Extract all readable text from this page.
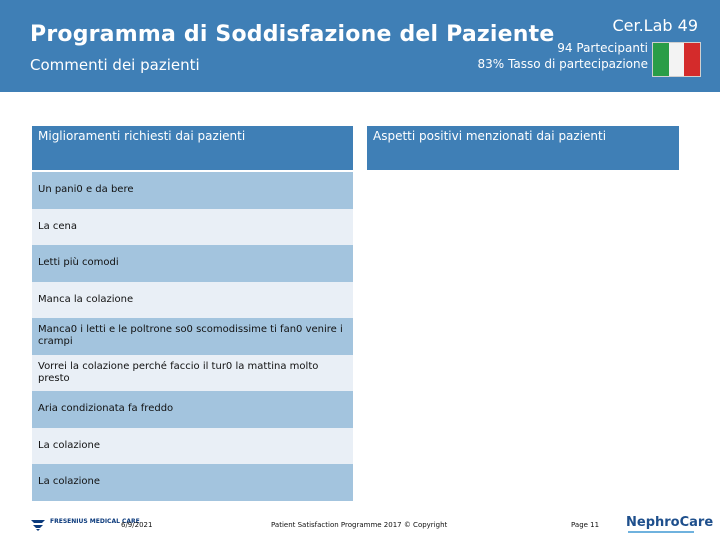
Programma di Soddisfazione del Paziente
Commenti dei pazienti
Cer.Lab 49
94 Partecipanti
83% Tasso di partecipazione
Miglioramenti richiesti dai pazienti	Aspetti positivi menzionati dai pazienti
Un pani0 e da bere
La cena
Letti più comodi
Manca la colazione
Manca0 i letti e le poltrone so0 scomodissime ti fan0 venire i crampi
Vorrei la colazione perché faccio il tur0 la mattina molto presto
Aria condizionata fa freddo
La colazione
La colazione
FRESENIUS MEDICAL CARE
6/9/2021	Patient Satisfaction Programme 2017 © Copyright	Page 11 NephroCare
